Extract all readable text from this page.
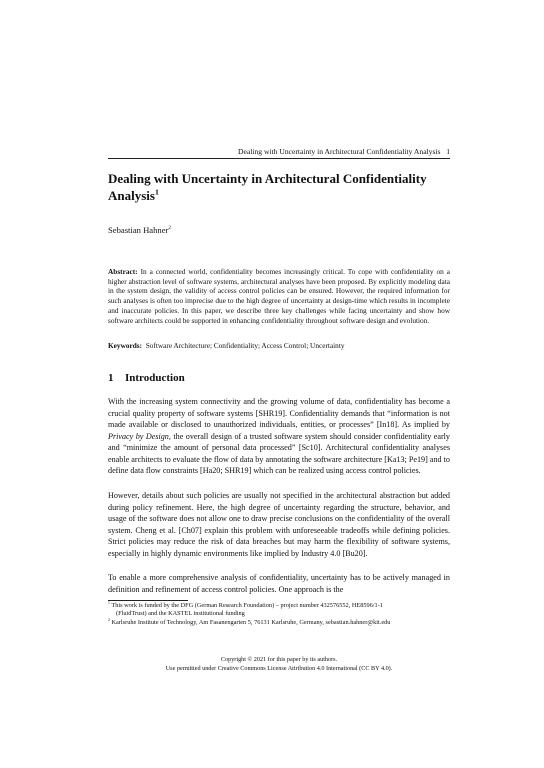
Dealing with Uncertainty in Architectural Confidentiality Analysis 1
Dealing with Uncertainty in Architectural Confidentiality Analysis$^1$
Sebastian Hahner$^2$

Abstract: In a connected world, confidentiality becomes increasingly critical. To cope with confidentiality on a higher abstraction level of software systems, architectural analyses have been proposed. By explicitly modeling data in the system design, the validity of access control policies can be ensured. However, the required information for such analyses is often too imprecise due to the high degree of uncertainty at design-time which results in incomplete and inaccurate policies. In this paper, we describe three key challenges while facing uncertainty and show how software architects could be supported in enhancing confidentiality throughout software design and evolution.

Keywords: Software Architecture; Confidentiality; Access Control; Uncertainty

1 Introduction

With the increasing system connectivity and the growing volume of data, confidentiality has become a crucial quality property of software systems [SHR19]. Confidentiality demands that “information is not made available or disclosed to unauthorized individuals, entities, or processes” [In18]. As implied by Privacy by Design, the overall design of a trusted software system should consider confidentiality early and “minimize the amount of personal data processed” [Sc10]. Architectural confidentiality analyses enable architects to evaluate the flow of data by annotating the software architecture [Ka13; Pe19] and to define data flow constraints [Ha20; SHR19] which can be realized using access control policies.

However, details about such policies are usually not specified in the architectural abstraction but added during policy refinement. Here, the high degree of uncertainty regarding the structure, behavior, and usage of the software does not allow one to draw precise conclusions on the confidentiality of the overall system. Cheng et al. [Ch07] explain this problem with unforeseeable tradeoffs while defining policies. Strict policies may reduce the risk of data breaches but may harm the flexibility of software systems, especially in highly dynamic environments like implied by Industry 4.0 [Bu20].

To enable a more comprehensive analysis of confidentiality, uncertainty has to be actively managed in definition and refinement of access control policies. One approach is the

$^1$ This work is funded by the DFG (German Research Foundation) – project number 432576552, HE8596/1-1
(FluidTrust) and the KASTEL institutional funding

$^2$ Karlsruhe Institute of Technology, Am Fasanengarten 5, 76131 Karlsruhe, Germany, sebastian.hahner@kit.edu

Copyright © 2021 for this paper by its authors.
Use permitted under Creative Commons License Attribution 4.0 International (CC BY 4.0).
